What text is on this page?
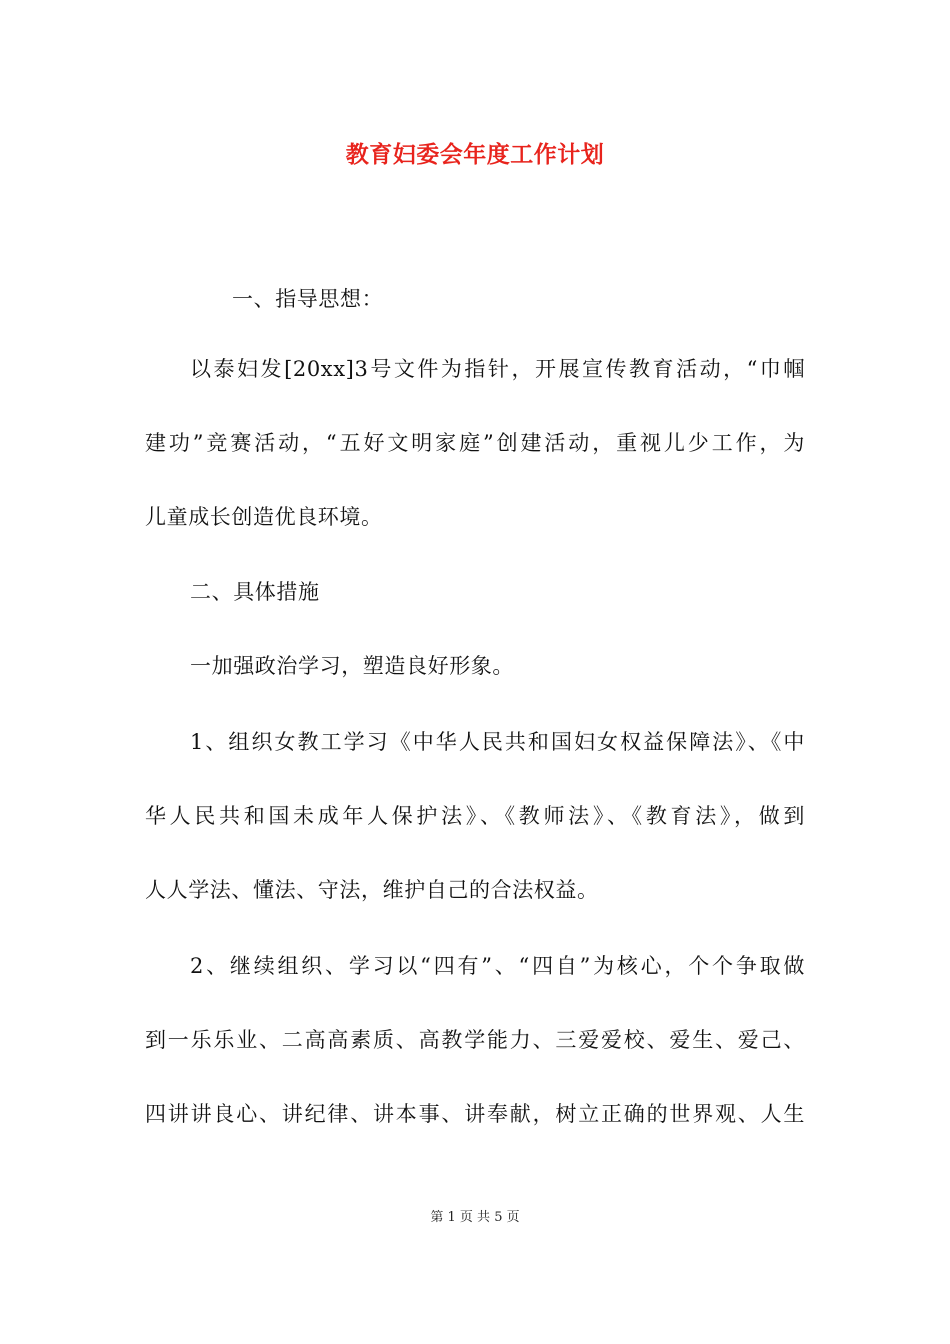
教育妇委会年度工作计划
一、指导思想：
以泰妇发[20xx]3号文件为指针，开展宣传教育活动，“巾帼
建功”竞赛活动，“五好文明家庭”创建活动，重视儿少工作，为
儿童成长创造优良环境。
二、具体措施
一加强政治学习，塑造良好形象。
1、组织女教工学习《中华人民共和国妇女权益保障法》、《中
华人民共和国未成年人保护法》、《教师法》、《教育法》，做到
人人学法、懂法、守法，维护自己的合法权益。
2、继续组织、学习以“四有”、“四自”为核心，个个争取做
到一乐乐业、二高高素质、高教学能力、三爱爱校、爱生、爱己、
四讲讲良心、讲纪律、讲本事、讲奉献，树立正确的世界观、人生
第 1 页 共 5 页
